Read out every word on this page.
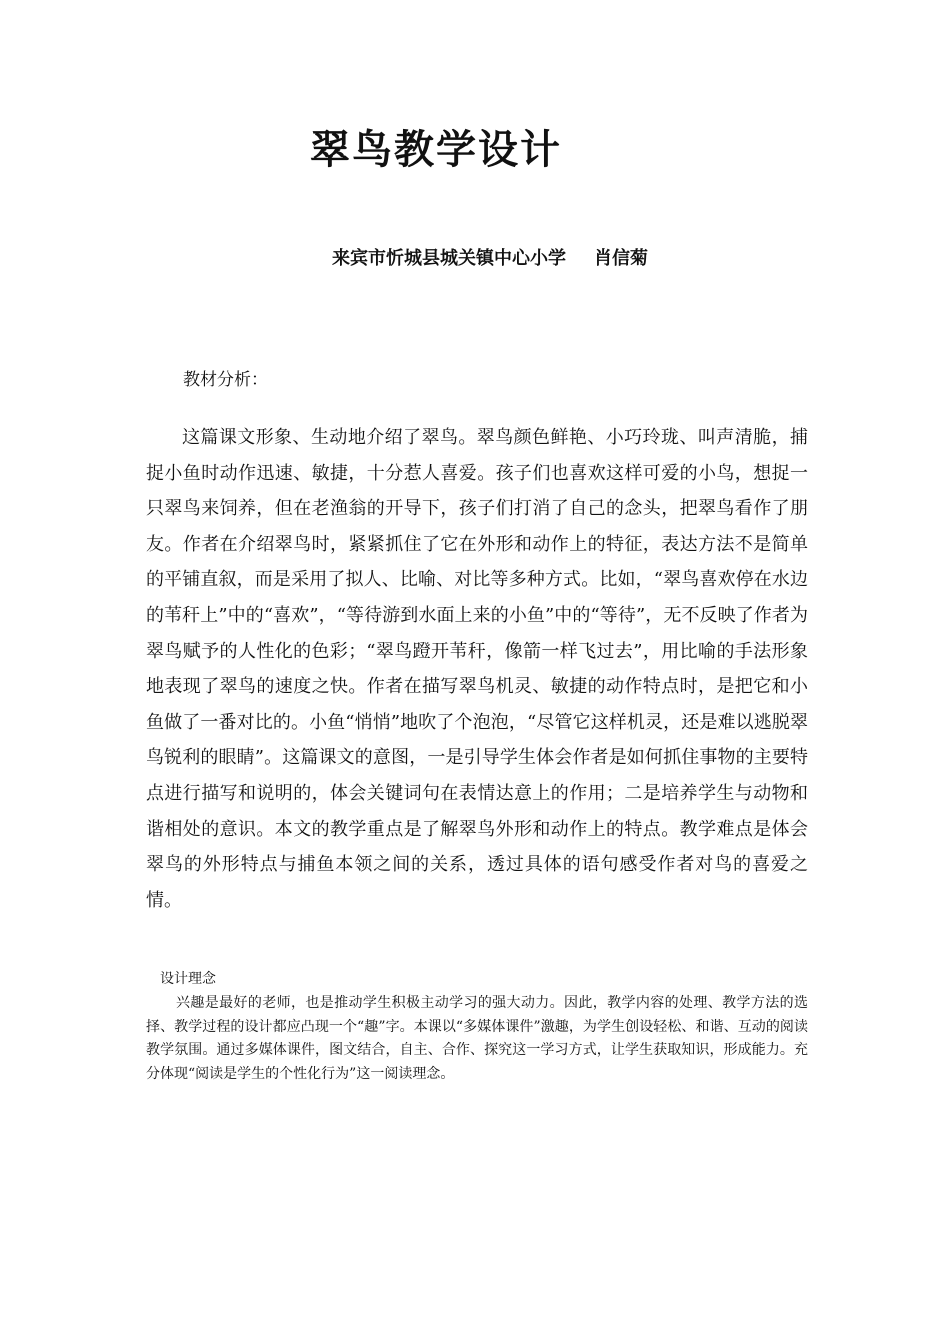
翠鸟教学设计
来宾市忻城县城关镇中心小学 肖信菊
教材分析：

这篇课文形象、生动地介绍了翠鸟。翠鸟颜色鲜艳、小巧玲珑、叫声清脆，捕捉小鱼时动作迅速、敏捷，十分惹人喜爱。孩子们也喜欢这样可爱的小鸟，想捉一只翠鸟来饲养，但在老渔翁的开导下，孩子们打消了自己的念头，把翠鸟看作了朋友。作者在介绍翠鸟时，紧紧抓住了它在外形和动作上的特征，表达方法不是简单的平铺直叙，而是采用了拟人、比喻、对比等多种方式。比如，“翠鸟喜欢停在水边的苇秆上”中的“喜欢”，“等待游到水面上来的小鱼”中的“等待”，无不反映了作者为翠鸟赋予的人性化的色彩；“翠鸟蹬开苇秆，像箭一样飞过去”，用比喻的手法形象地表现了翠鸟的速度之快。作者在描写翠鸟机灵、敏捷的动作特点时，是把它和小鱼做了一番对比的。小鱼“悄悄”地吹了个泡泡，“尽管它这样机灵，还是难以逃脱翠鸟锐利的眼睛”。这篇课文的意图，一是引导学生体会作者是如何抓住事物的主要特点进行描写和说明的，体会关键词句在表情达意上的作用；二是培养学生与动物和谐相处的意识。本文的教学重点是了解翠鸟外形和动作上的特点。教学难点是体会翠鸟的外形特点与捕鱼本领之间的关系，透过具体的语句感受作者对鸟的喜爱之情。

设计理念

兴趣是最好的老师，也是推动学生积极主动学习的强大动力。因此，教学内容的处理、教学方法的选择、教学过程的设计都应凸现一个“趣”字。本课以“多媒体课件”激趣，为学生创设轻松、和谐、互动的阅读教学氛围。通过多媒体课件，图文结合，自主、合作、探究这一学习方式，让学生获取知识，形成能力。充分体现“阅读是学生的个性化行为”这一阅读理念。
